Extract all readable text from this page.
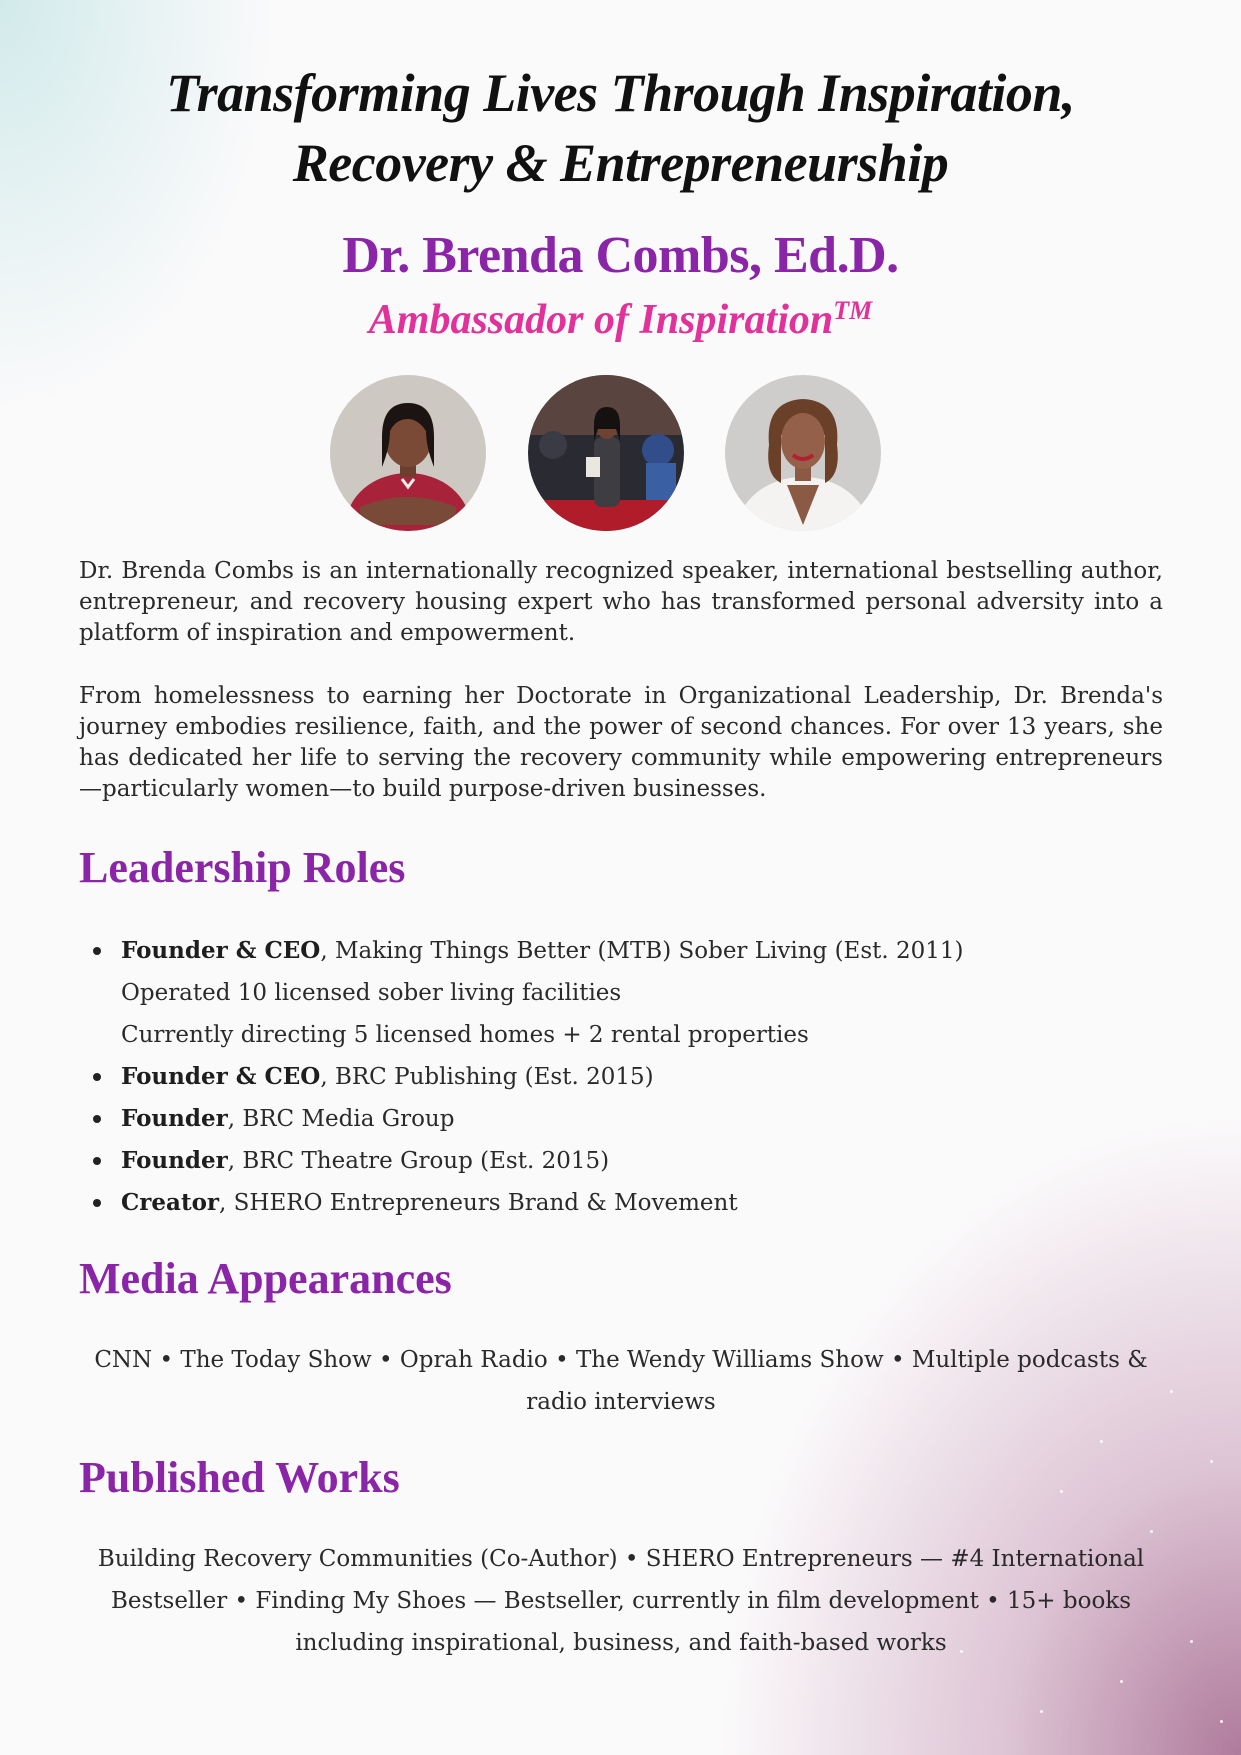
Transforming Lives Through Inspiration, Recovery & Entrepreneurship
Dr. Brenda Combs, Ed.D.
Ambassador of Inspiration™

Dr. Brenda Combs is an internationally recognized speaker, international bestselling author, entrepreneur, and recovery housing expert who has transformed personal adversity into a platform of inspiration and empowerment.

From homelessness to earning her Doctorate in Organizational Leadership, Dr. Brenda's journey embodies resilience, faith, and the power of second chances. For over 13 years, she has dedicated her life to serving the recovery community while empowering entrepreneurs—particularly women—to build purpose-driven businesses.

Leadership Roles
Founder & CEO, Making Things Better (MTB) Sober Living (Est. 2011)
Operated 10 licensed sober living facilities
Currently directing 5 licensed homes + 2 rental properties
Founder & CEO, BRC Publishing (Est. 2015)
Founder, BRC Media Group
Founder, BRC Theatre Group (Est. 2015)
Creator, SHERO Entrepreneurs Brand & Movement
Media Appearances

CNN • The Today Show • Oprah Radio • The Wendy Williams Show • Multiple podcasts & radio interviews

Published Works

Building Recovery Communities (Co-Author) • SHERO Entrepreneurs — #4 International Bestseller • Finding My Shoes — Bestseller, currently in film development • 15+ books including inspirational, business, and faith-based works
